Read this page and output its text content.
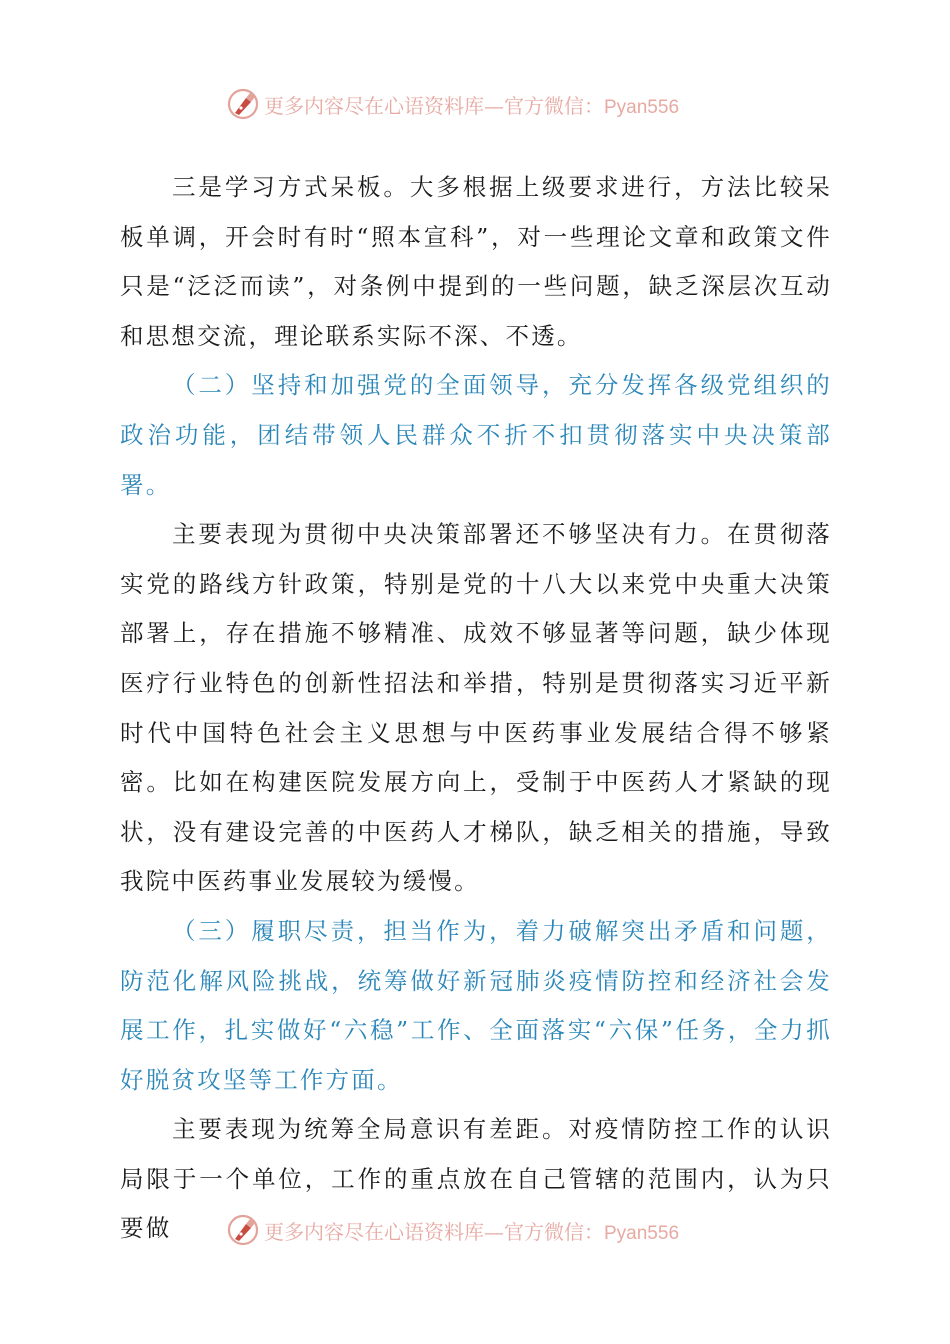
更多内容尽在心语资料库—官方微信：Pyan556

三是学习方式呆板。大多根据上级要求进行，方法比较呆板单调，开会时有时“照本宣科”，对一些理论文章和政策文件只是“泛泛而读”，对条例中提到的一些问题，缺乏深层次互动和思想交流，理论联系实际不深、不透。

（二）坚持和加强党的全面领导，充分发挥各级党组织的政治功能，团结带领人民群众不折不扣贯彻落实中央决策部署。

主要表现为贯彻中央决策部署还不够坚决有力。在贯彻落实党的路线方针政策，特别是党的十八大以来党中央重大决策部署上，存在措施不够精准、成效不够显著等问题，缺少体现医疗行业特色的创新性招法和举措，特别是贯彻落实习近平新时代中国特色社会主义思想与中医药事业发展结合得不够紧密。比如在构建医院发展方向上，受制于中医药人才紧缺的现状，没有建设完善的中医药人才梯队，缺乏相关的措施，导致我院中医药事业发展较为缓慢。

（三）履职尽责，担当作为，着力破解突出矛盾和问题，防范化解风险挑战，统筹做好新冠肺炎疫情防控和经济社会发展工作，扎实做好“六稳”工作、全面落实“六保”任务，全力抓好脱贫攻坚等工作方面。

主要表现为统筹全局意识有差距。对疫情防控工作的认识局限于一个单位，工作的重点放在自己管辖的范围内，认为只要做	更多内容尽在心语资料库—官方微信：Pyan556
